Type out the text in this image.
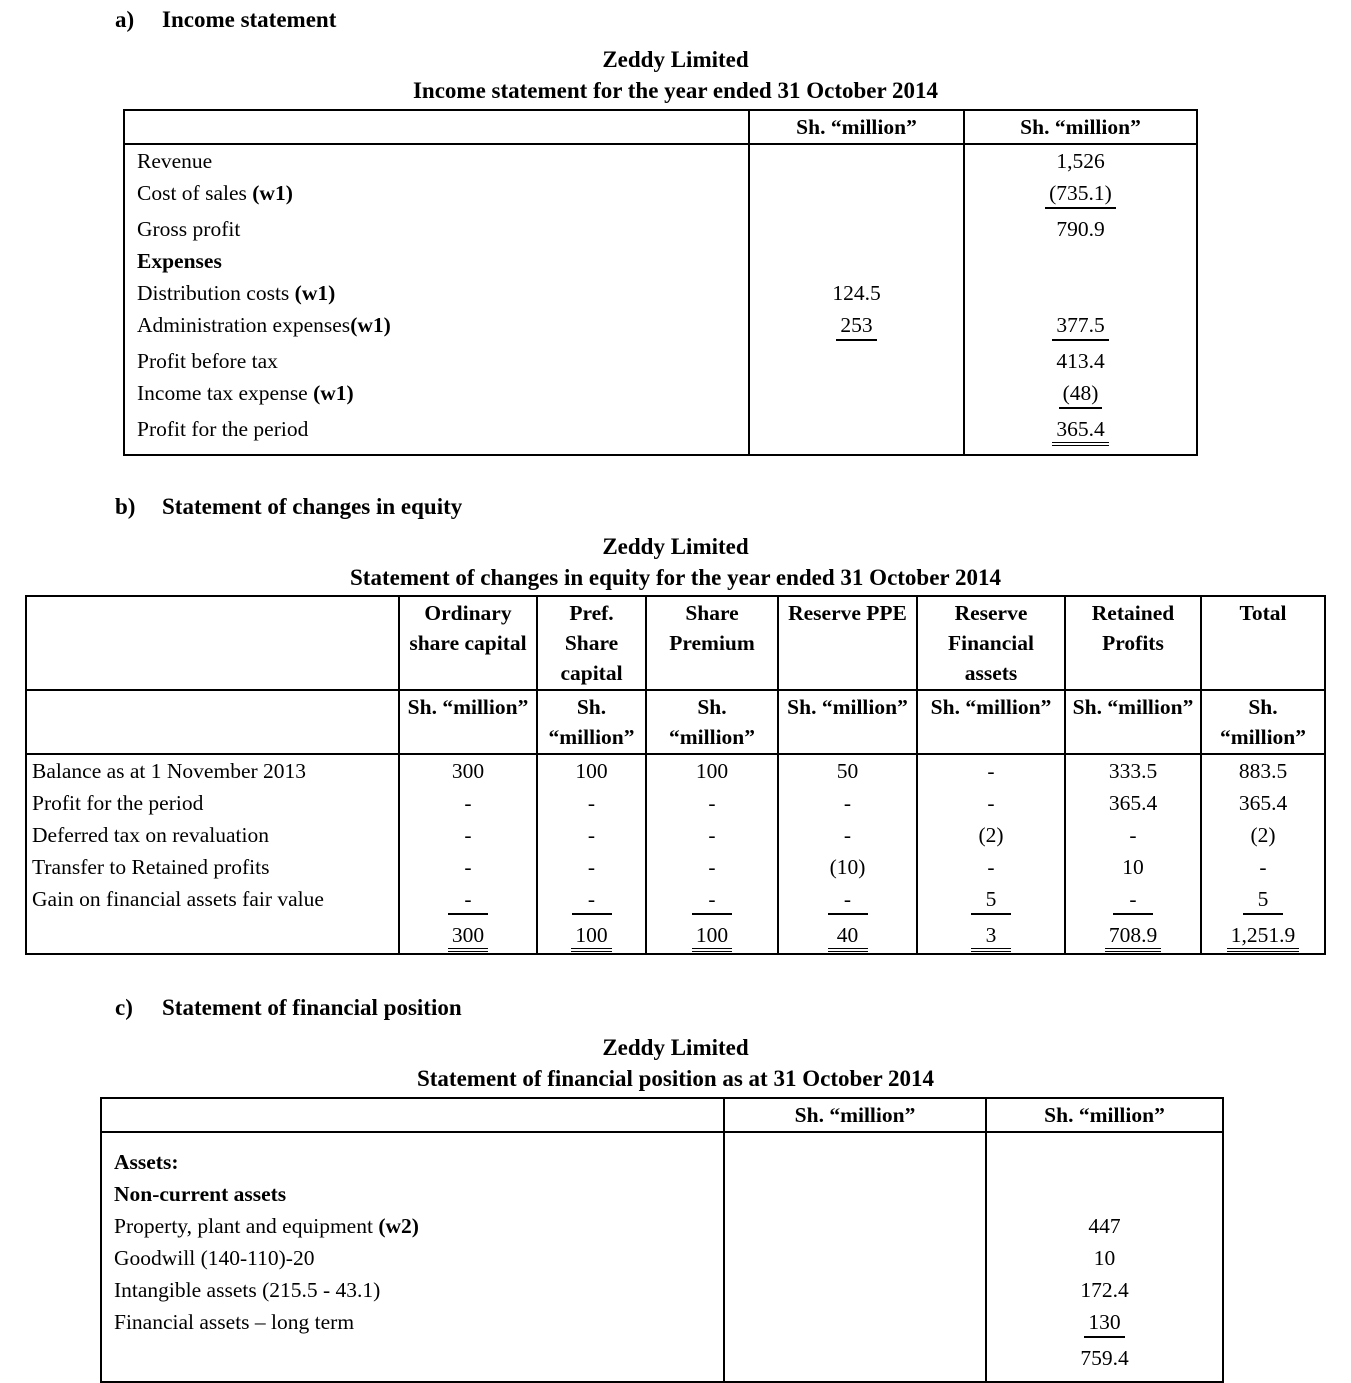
a) Income statement
Zeddy Limited
Income statement for the year ended 31 October 2014
	Sh. “million”	Sh. “million”
Revenue		1,526
Cost of sales (w1)		(735.1)
Gross profit		790.9
Expenses		
Distribution costs (w1)	124.5	
Administration expenses(w1)	253	377.5
Profit before tax		413.4
Income tax expense (w1)		(48)
Profit for the period		365.4
b) Statement of changes in equity
Zeddy Limited
Statement of changes in equity for the year ended 31 October 2014
	Ordinary share capital	Pref. Share capital	Share Premium	Reserve PPE	Reserve Financial assets	Retained Profits	Total
	Sh. “million”	Sh. “million”	Sh. “million”	Sh. “million”	Sh. “million”	Sh. “million”	Sh. “million”
Balance as at 1 November 2013	300	100	100	50	-	333.5	883.5
Profit for the period	-	-	-	-	-	365.4	365.4
Deferred tax on revaluation	-	-	-	-	(2)	-	(2)
Transfer to Retained profits	-	-	-	(10)	-	10	-
Gain on financial assets fair value	-	-	-	-	5	-	5
	300	100	100	40	3	708.9	1,251.9
c) Statement of financial position
Zeddy Limited
Statement of financial position as at 31 October 2014
	Sh. “million”	Sh. “million”
Assets:		
Non-current assets		
Property, plant and equipment (w2)		447
Goodwill (140-110)-20		10
Intangible assets (215.5 - 43.1)		172.4
Financial assets – long term		130
		759.4
